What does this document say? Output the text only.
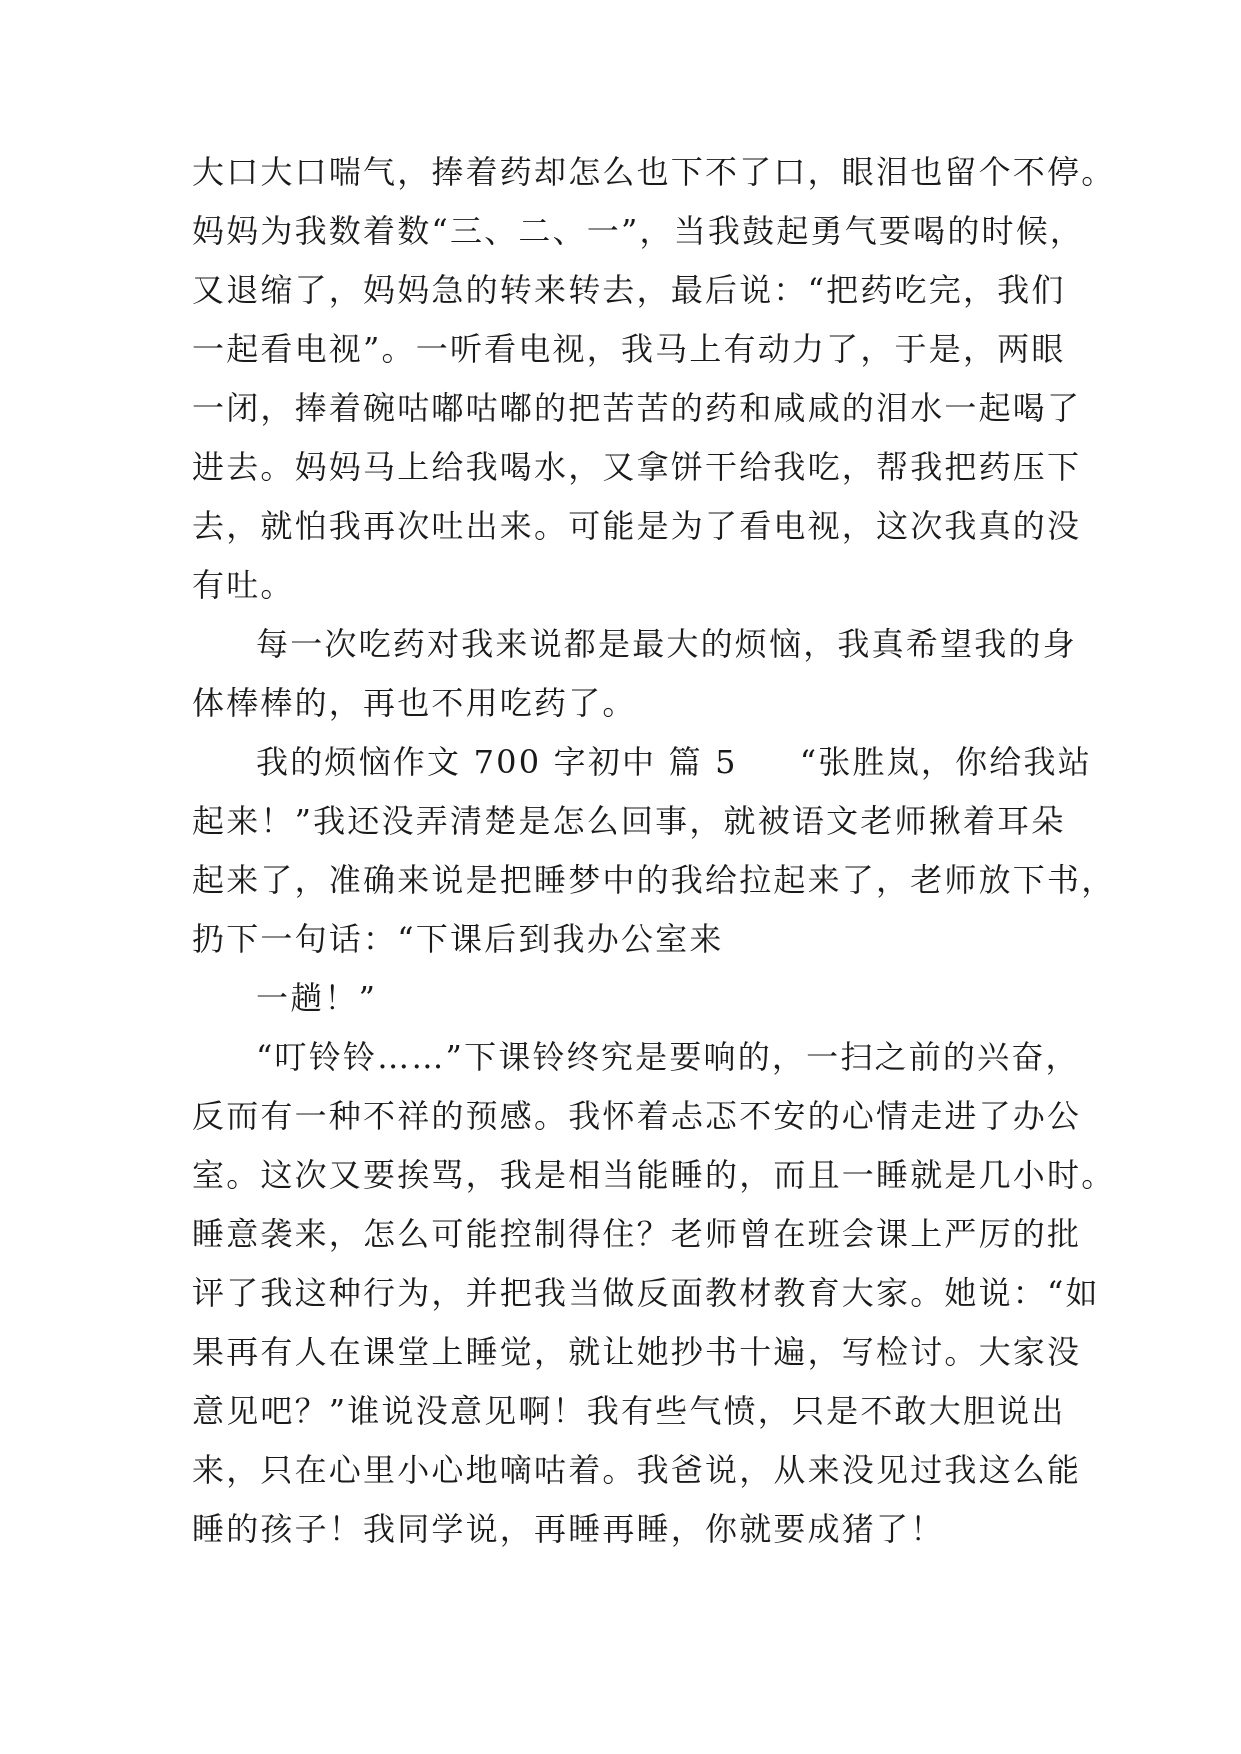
大口大口喘气，捧着药却怎么也下不了口，眼泪也留个不停。
妈妈为我数着数“三、二、一”，当我鼓起勇气要喝的时候，
又退缩了，妈妈急的转来转去，最后说：“把药吃完，我们
一起看电视”。一听看电视，我马上有动力了，于是，两眼
一闭，捧着碗咕嘟咕嘟的把苦苦的药和咸咸的泪水一起喝了
进去。妈妈马上给我喝水，又拿饼干给我吃，帮我把药压下
去，就怕我再次吐出来。可能是为了看电视，这次我真的没
有吐。
每一次吃药对我来说都是最大的烦恼，我真希望我的身
体棒棒的，再也不用吃药了。
我的烦恼作文 700 字初中 篇 5 “张胜岚，你给我站
起来！”我还没弄清楚是怎么回事，就被语文老师揪着耳朵
起来了，准确来说是把睡梦中的我给拉起来了，老师放下书，
扔下一句话：“下课后到我办公室来
一趟！”
“叮铃铃……”下课铃终究是要响的，一扫之前的兴奋，
反而有一种不祥的预感。我怀着忐忑不安的心情走进了办公
室。这次又要挨骂，我是相当能睡的，而且一睡就是几小时。
睡意袭来，怎么可能控制得住？老师曾在班会课上严厉的批
评了我这种行为，并把我当做反面教材教育大家。她说：“如
果再有人在课堂上睡觉，就让她抄书十遍，写检讨。大家没
意见吧？”谁说没意见啊！我有些气愤，只是不敢大胆说出
来，只在心里小心地嘀咕着。我爸说，从来没见过我这么能
睡的孩子！我同学说，再睡再睡，你就要成猪了！
